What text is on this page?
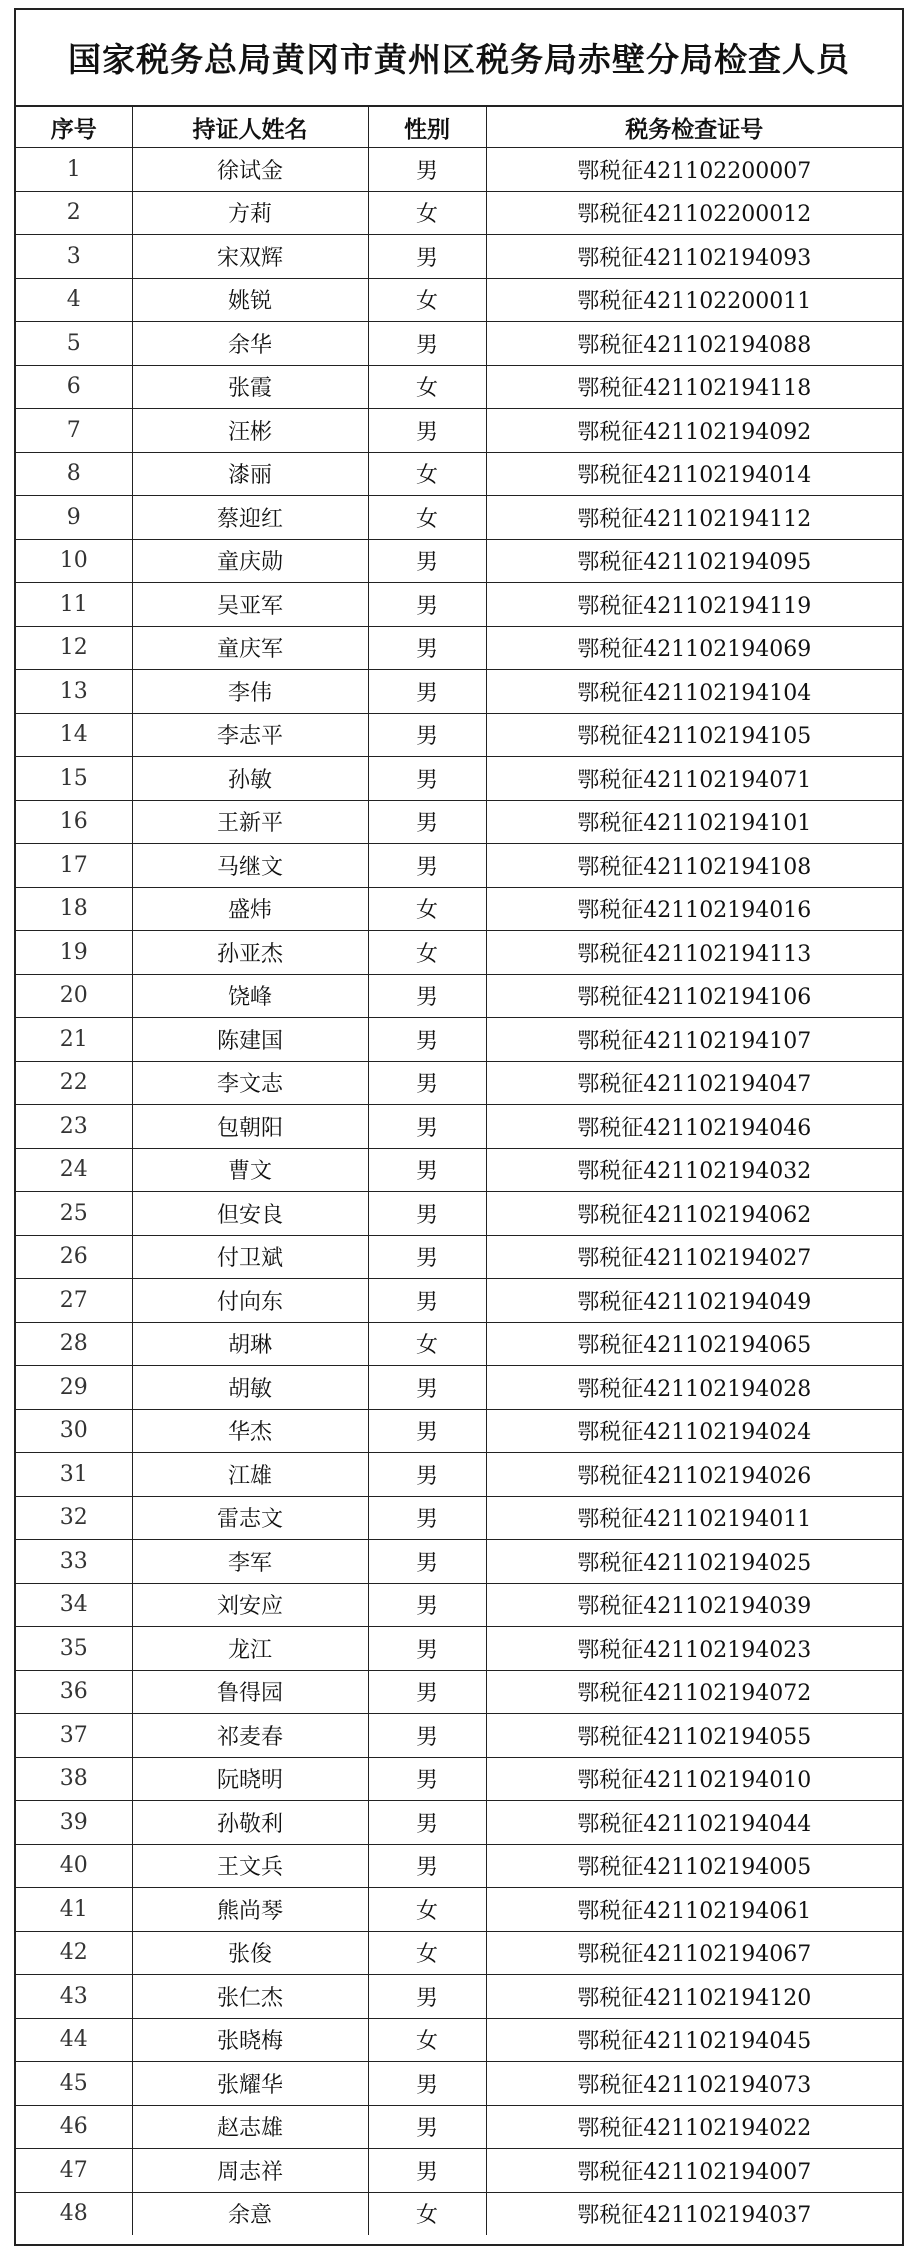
国家税务总局黄冈市黄州区税务局赤壁分局检查人员
序号	持证人姓名	性别	税务检查证号
1	徐试金	男	鄂税征421102200007
2	方莉	女	鄂税征421102200012
3	宋双辉	男	鄂税征421102194093
4	姚锐	女	鄂税征421102200011
5	余华	男	鄂税征421102194088
6	张霞	女	鄂税征421102194118
7	汪彬	男	鄂税征421102194092
8	漆丽	女	鄂税征421102194014
9	蔡迎红	女	鄂税征421102194112
10	童庆勋	男	鄂税征421102194095
11	吴亚军	男	鄂税征421102194119
12	童庆军	男	鄂税征421102194069
13	李伟	男	鄂税征421102194104
14	李志平	男	鄂税征421102194105
15	孙敏	男	鄂税征421102194071
16	王新平	男	鄂税征421102194101
17	马继文	男	鄂税征421102194108
18	盛炜	女	鄂税征421102194016
19	孙亚杰	女	鄂税征421102194113
20	饶峰	男	鄂税征421102194106
21	陈建国	男	鄂税征421102194107
22	李文志	男	鄂税征421102194047
23	包朝阳	男	鄂税征421102194046
24	曹文	男	鄂税征421102194032
25	但安良	男	鄂税征421102194062
26	付卫斌	男	鄂税征421102194027
27	付向东	男	鄂税征421102194049
28	胡琳	女	鄂税征421102194065
29	胡敏	男	鄂税征421102194028
30	华杰	男	鄂税征421102194024
31	江雄	男	鄂税征421102194026
32	雷志文	男	鄂税征421102194011
33	李军	男	鄂税征421102194025
34	刘安应	男	鄂税征421102194039
35	龙江	男	鄂税征421102194023
36	鲁得园	男	鄂税征421102194072
37	祁麦春	男	鄂税征421102194055
38	阮晓明	男	鄂税征421102194010
39	孙敬利	男	鄂税征421102194044
40	王文兵	男	鄂税征421102194005
41	熊尚琴	女	鄂税征421102194061
42	张俊	女	鄂税征421102194067
43	张仁杰	男	鄂税征421102194120
44	张晓梅	女	鄂税征421102194045
45	张耀华	男	鄂税征421102194073
46	赵志雄	男	鄂税征421102194022
47	周志祥	男	鄂税征421102194007
48	余意	女	鄂税征421102194037
